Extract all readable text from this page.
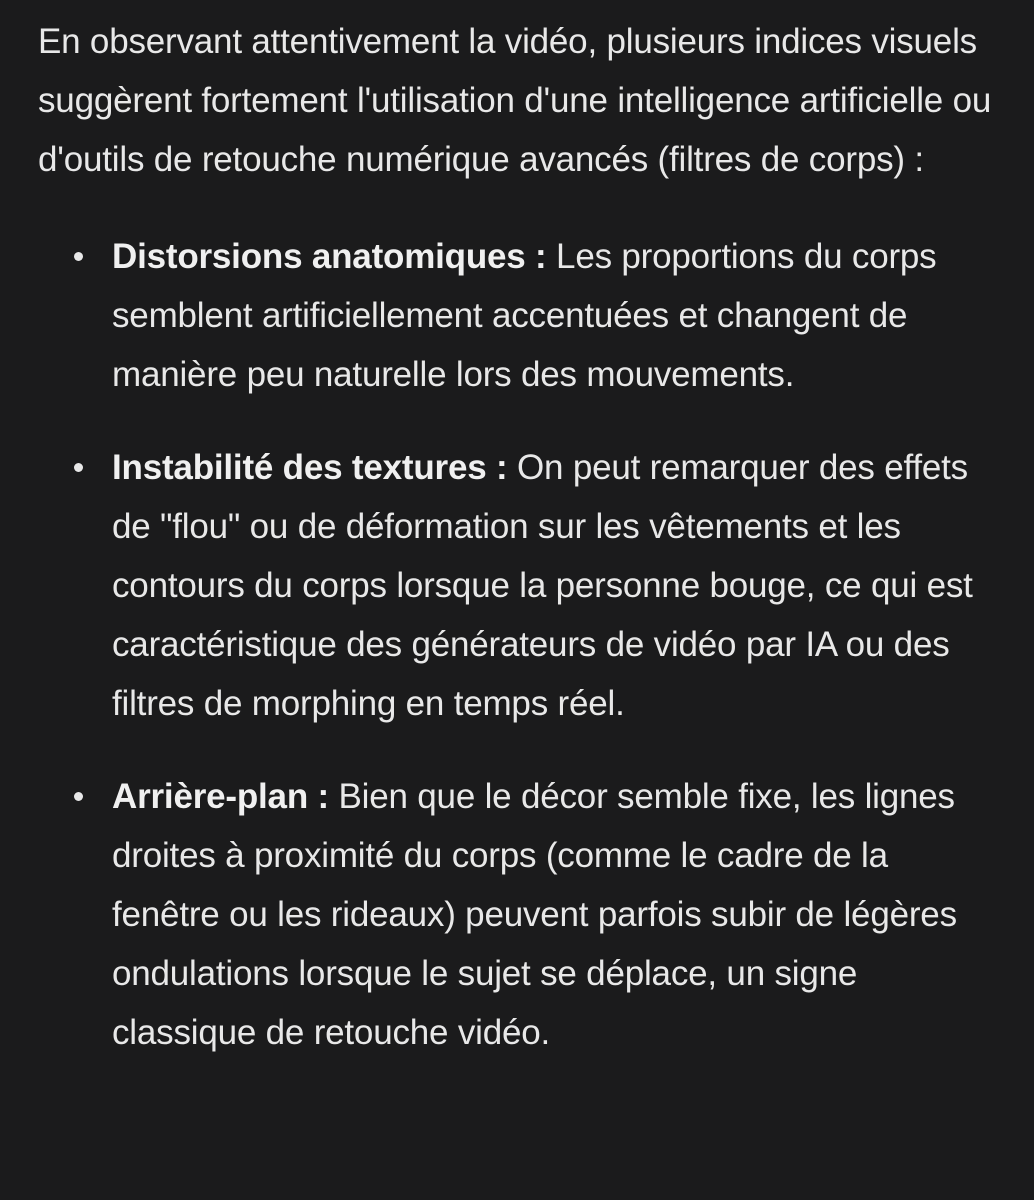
En observant attentivement la vidéo, plusieurs indices visuels suggèrent fortement l'utilisation d'une intelligence artificielle ou d'outils de retouche numérique avancés (filtres de corps) :

Distorsions anatomiques : Les proportions du corps semblent artificiellement accentuées et changent de manière peu naturelle lors des mouvements.
Instabilité des textures : On peut remarquer des effets de "flou" ou de déformation sur les vêtements et les contours du corps lorsque la personne bouge, ce qui est caractéristique des générateurs de vidéo par IA ou des filtres de morphing en temps réel.
Arrière-plan : Bien que le décor semble fixe, les lignes droites à proximité du corps (comme le cadre de la fenêtre ou les rideaux) peuvent parfois subir de légères ondulations lorsque le sujet se déplace, un signe classique de retouche vidéo.
